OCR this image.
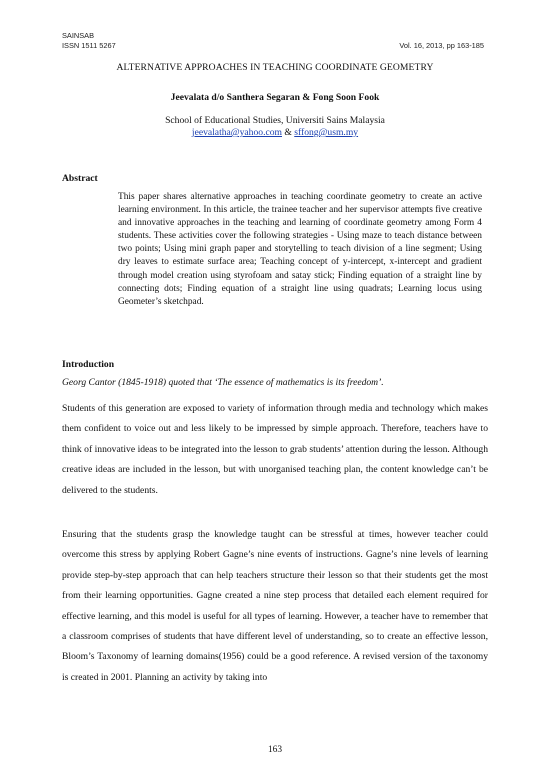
SAINSAB
ISSN 1511 5267	Vol. 16, 2013, pp 163-185
ALTERNATIVE APPROACHES IN TEACHING COORDINATE GEOMETRY
Jeevalata d/o Santhera Segaran & Fong Soon Fook
School of Educational Studies, Universiti Sains Malaysia
jeevalatha@yahoo.com & sffong@usm.my
Abstract

This paper shares alternative approaches in teaching coordinate geometry to create an active learning environment. In this article, the trainee teacher and her supervisor attempts five creative and innovative approaches in the teaching and learning of coordinate geometry among Form 4 students. These activities cover the following strategies - Using maze to teach distance between two points; Using mini graph paper and storytelling to teach division of a line segment; Using dry leaves to estimate surface area; Teaching concept of y-intercept, x-intercept and gradient through model creation using styrofoam and satay stick; Finding equation of a straight line by connecting dots; Finding equation of a straight line using quadrats; Learning locus using Geometer’s sketchpad.

Introduction
Georg Cantor (1845-1918) quoted that ‘The essence of mathematics is its freedom’.

Students of this generation are exposed to variety of information through media and technology which makes them confident to voice out and less likely to be impressed by simple approach. Therefore, teachers have to think of innovative ideas to be integrated into the lesson to grab students’ attention during the lesson. Although creative ideas are included in the lesson, but with unorganised teaching plan, the content knowledge can’t be delivered to the students.

Ensuring that the students grasp the knowledge taught can be stressful at times, however teacher could overcome this stress by applying Robert Gagne’s nine events of instructions. Gagne’s nine levels of learning provide step-by-step approach that can help teachers structure their lesson so that their students get the most from their learning opportunities. Gagne created a nine step process that detailed each element required for effective learning, and this model is useful for all types of learning. However, a teacher have to remember that a classroom comprises of students that have different level of understanding, so to create an effective lesson, Bloom’s Taxonomy of learning domains(1956) could be a good reference. A revised version of the taxonomy is created in 2001. Planning an activity by taking into

163
